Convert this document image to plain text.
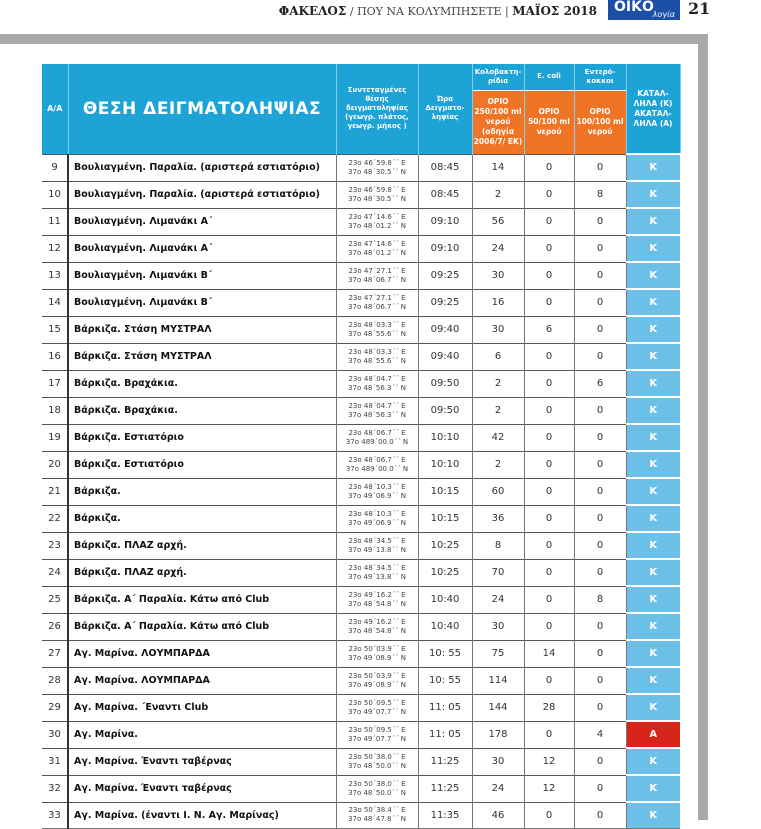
ΦΑΚΕΛΟΣ / ΠΟΥ ΝΑ ΚΟΛΥΜΠΗΣΕΤΕ | ΜΑΪΟΣ 2018	ΟΙΚΟ
λογία 21
Α/Α	ΘΕΣΗ ΔΕΙΓΜΑΤΟΛΗΨΙΑΣ	Συντεταγμένες θέσης δειγματοληψίας (γεωγρ. πλάτος, γεωγρ. μήκος )	Ώρα Δειγματο-ληψίας	Κολοβακτη-ρίδια	E. coli	Εντερό-κοκκοι	ΚΑΤΑΛ-ΛΗΛΑ (Κ) ΑΚΑΤΑΛ-ΛΗΛΑ (Α)
				ΟΡΙΟ 250/100 ml νερού (οδηγία 2006/7/ ΕΚ)	ΟΡΙΟ 50/100 ml νερού	ΟΡΙΟ 100/100 ml νερού	
9	Βουλιαγμένη. Παραλία. (αριστερά εστιατόριο)	23ο 46΄59.8΄΄ Ε
37ο 48΄30.5΄΄ Ν	08:45	14	0	0	Κ
10	Βουλιαγμένη. Παραλία. (αριστερά εστιατόριο)	23ο 46΄59.8΄΄ Ε
37ο 48΄30.5΄΄ Ν	08:45	2	0	8	Κ
11	Βουλιαγμένη. Λιμανάκι Α΄	23ο 47΄14.6΄΄ Ε
37ο 48΄01.2΄΄ Ν	09:10	56	0	0	Κ
12	Βουλιαγμένη. Λιμανάκι Α΄	23ο 47΄14.6΄΄ Ε
37ο 48΄01.2΄΄ Ν	09:10	24	0	0	Κ
13	Βουλιαγμένη. Λιμανάκι Β΄	23ο 47΄27.1΄΄ Ε
37ο 48΄06.7΄΄ Ν	09:25	30	0	0	Κ
14	Βουλιαγμένη. Λιμανάκι Β΄	23ο 47΄27.1΄΄ Ε
37ο 48΄06.7΄΄ Ν	09:25	16	0	0	Κ
15	Βάρκιζα. Στάση ΜΥΣΤΡΑΛ	23ο 48΄03.3΄΄ Ε
37ο 48΄55.6΄΄ Ν	09:40	30	6	0	Κ
16	Βάρκιζα. Στάση ΜΥΣΤΡΑΛ	23ο 48΄03.3΄΄ Ε
37ο 48΄55.6΄΄ Ν	09:40	6	0	0	Κ
17	Βάρκιζα. Βραχάκια.	23ο 48΄04.7΄΄ Ε
37ο 48΄56.3΄΄ Ν	09:50	2	0	6	Κ
18	Βάρκιζα. Βραχάκια.	23ο 48΄04.7΄΄ Ε
37ο 48΄56.3΄΄ Ν	09:50	2	0	0	Κ
19	Βάρκιζα. Εστιατόριο	23ο 48΄06.7΄΄ Ε
37ο 489΄00.0΄΄ Ν	10:10	42	0	0	Κ
20	Βάρκιζα. Εστιατόριο	23ο 48΄06.7΄΄ Ε
37ο 489΄00.0΄΄ Ν	10:10	2	0	0	Κ
21	Βάρκιζα.	23ο 48΄10.3΄΄ Ε
37ο 49΄06.9΄΄ Ν	10:15	60	0	0	Κ
22	Βάρκιζα.	23ο 48΄10.3΄΄ Ε
37ο 49΄06.9΄΄ Ν	10:15	36	0	0	Κ
23	Βάρκιζα. ΠΛΑΖ αρχή.	23ο 48΄34.5΄΄ Ε
37ο 49΄13.8΄΄ Ν	10:25	8	0	0	Κ
24	Βάρκιζα. ΠΛΑΖ αρχή.	23ο 48΄34.5΄΄ Ε
37ο 49΄13.8΄΄ Ν	10:25	70	0	0	Κ
25	Βάρκιζα. Α΄ Παραλία. Κάτω από Club	23ο 49΄16.2΄΄ Ε
37ο 48΄54.8΄΄ Ν	10:40	24	0	8	Κ
26	Βάρκιζα. Α΄ Παραλία. Κάτω από Club	23ο 49΄16.2΄΄ Ε
37ο 48΄54.8΄΄ Ν	10:40	30	0	0	Κ
27	Αγ. Μαρίνα. ΛΟΥΜΠΑΡΔΑ	23ο 50΄03.9΄΄ Ε
37ο 49΄08.9΄΄ Ν	10: 55	75	14	0	Κ
28	Αγ. Μαρίνα. ΛΟΥΜΠΑΡΔΑ	23ο 50΄03.9΄΄ Ε
37ο 49΄08.9΄΄ Ν	10: 55	114	0	0	Κ
29	Αγ. Μαρίνα. ΄Εναντι Club	23ο 50΄09.5΄΄ Ε
37ο 49΄07.7΄΄ Ν	11: 05	144	28	0	Κ
30	Αγ. Μαρίνα.	23ο 50΄09.5΄΄ Ε
37ο 49΄07.7΄΄ Ν	11: 05	178	0	4	Α
31	Αγ. Μαρίνα. Έναντι ταβέρνας	23ο 50΄38.0΄΄ Ε
37ο 48΄50.0΄΄ Ν	11:25	30	12	0	Κ
32	Αγ. Μαρίνα. Έναντι ταβέρνας	23ο 50΄38.0΄΄ Ε
37ο 48΄50.0΄΄ Ν	11:25	24	12	0	Κ
33	Αγ. Μαρίνα. (έναντι Ι. Ν. Αγ. Μαρίνας)	23ο 50΄38.4΄΄ Ε
37ο 48΄47.8΄΄ Ν	11:35	46	0	0	Κ
